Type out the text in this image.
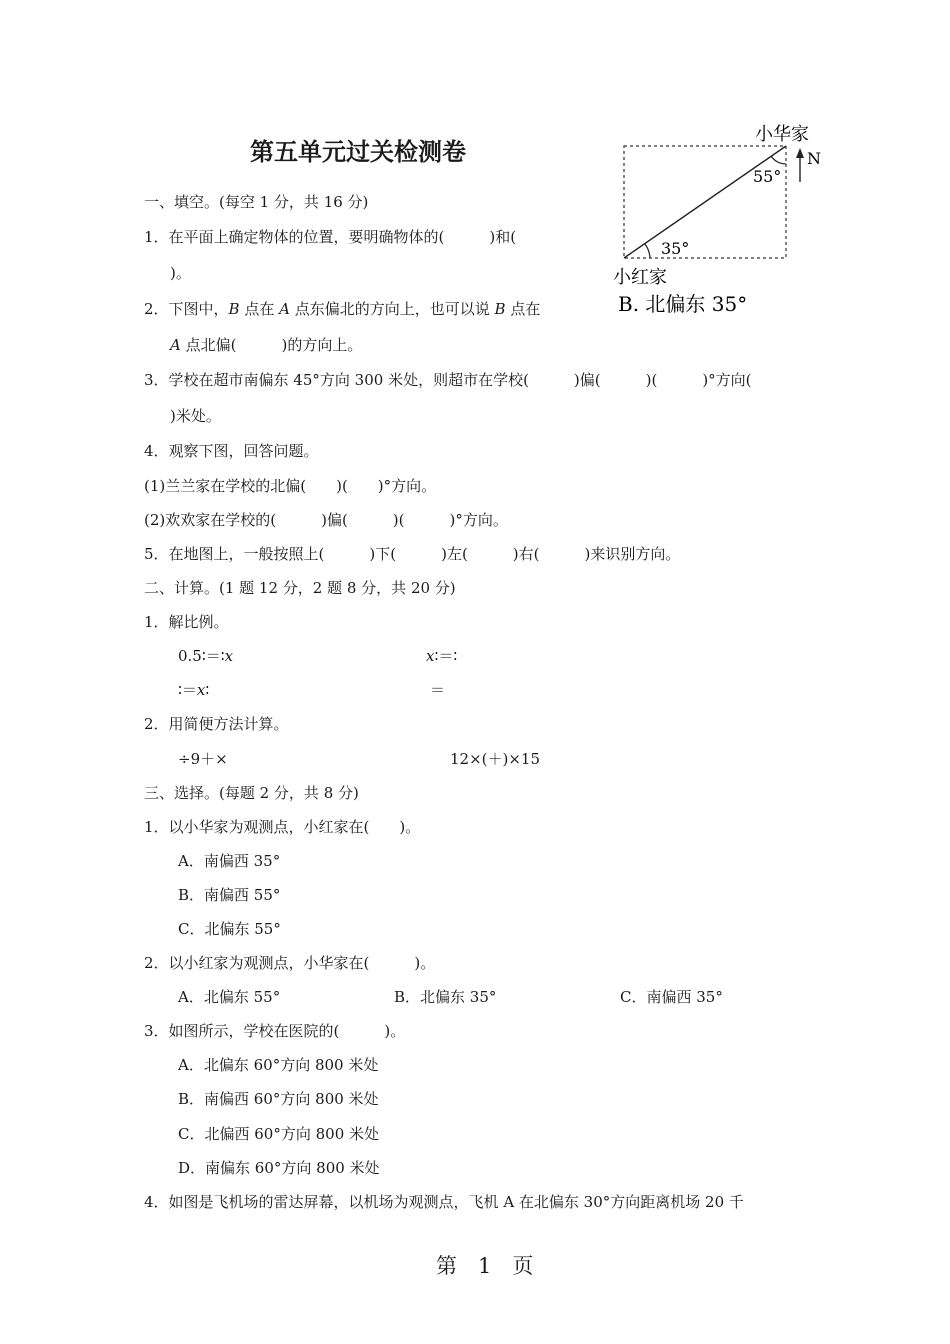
第五单元过关检测卷	N
小华家
55°
35°
小红家
B. 北偏东 35°
一、填空。(每空 1 分，共 16 分)
1．在平面上确定物体的位置，要明确物体的(　　　)和(
)。
2．下图中，B 点在 A 点东偏北的方向上，也可以说 B 点在
A 点北偏(　　　)的方向上。
3．学校在超市南偏东 45°方向 300 米处，则超市在学校(　　　)偏(　　　)(　　　)°方向(
)米处。
4．观察下图，回答问题。
(1)兰兰家在学校的北偏(　　)(　　)°方向。
(2)欢欢家在学校的(　　　)偏(　　　)(　　　)°方向。
5．在地图上，一般按照上(　　　)下(　　　)左(　　　)右(　　　)来识别方向。
二、计算。(1 题 12 分，2 题 8 分，共 20 分)
1．解比例。
0.5∶＝∶x	x∶＝∶
∶＝x∶	＝
2．用简便方法计算。
÷9＋×	12×(＋)×15
三、选择。(每题 2 分，共 8 分)
1．以小华家为观测点，小红家在(　　)。
A．南偏西 35°
B．南偏西 55°
C．北偏东 55°
2．以小红家为观测点，小华家在(　　　)。
A．北偏东 55°	B．北偏东 35°	C．南偏西 35°
3．如图所示，学校在医院的(　　　)。
A．北偏东 60°方向 800 米处
B．南偏西 60°方向 800 米处
C．北偏西 60°方向 800 米处
D．南偏东 60°方向 800 米处
4．如图是飞机场的雷达屏幕，以机场为观测点，飞机 A 在北偏东 30°方向距离机场 20 千
第　1　页
